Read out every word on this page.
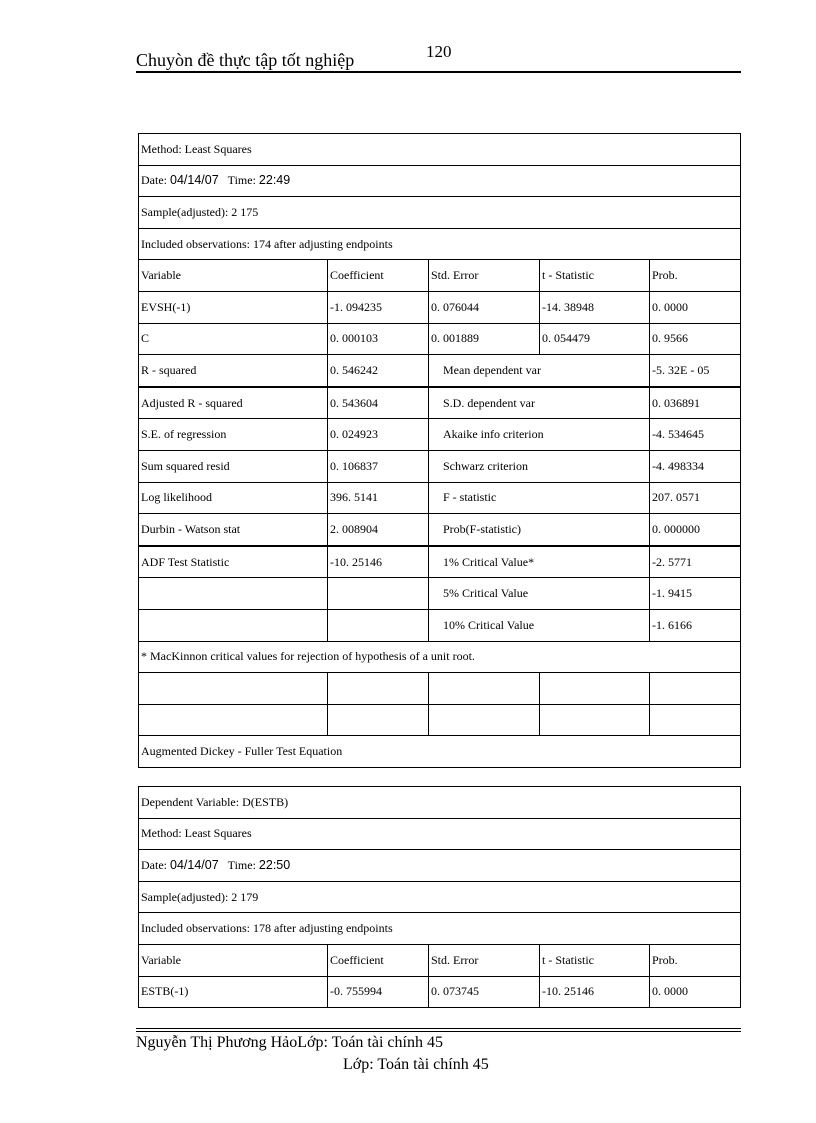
Chuyòn đề thực tập tốt nghiệp	120
Method: Least Squares				
Date: 04/14/07 Time: 22:49				
Sample(adjusted): 2 175				
Included observations: 174 after adjusting endpoints				
Variable	Coefficient	Std. Error	t - Statistic	Prob.
EVSH(-1)	-1. 094235	0. 076044	-14. 38948	0. 0000
C	0. 000103	0. 001889	0. 054479	0. 9566
R - squared	0. 546242	Mean dependent var		-5. 32E - 05
Adjusted R - squared	0. 543604	S.D. dependent var		0. 036891
S.E. of regression	0. 024923	Akaike info criterion		-4. 534645
Sum squared resid	0. 106837	Schwarz criterion		-4. 498334
Log likelihood	396. 5141	F - statistic		207. 0571
Durbin - Watson stat	2. 008904	Prob(F-statistic)		0. 000000
ADF Test Statistic	-10. 25146	1% Critical Value*		-2. 5771
		5% Critical Value		-1. 9415
		10% Critical Value		-1. 6166
* MacKinnon critical values for rejection of hypothesis of a unit root.				

Augmented Dickey - Fuller Test Equation				
Dependent Variable: D(ESTB)				
Method: Least Squares				
Date: 04/14/07 Time: 22:50				
Sample(adjusted): 2 179				
Included observations: 178 after adjusting endpoints				
Variable	Coefficient	Std. Error	t - Statistic	Prob.
ESTB(-1)	-0. 755994	0. 073745	-10. 25146	0. 0000
Nguyễn Thị Phương HảoLớp: Toán tài chính 45
Lớp: Toán tài chính 45
